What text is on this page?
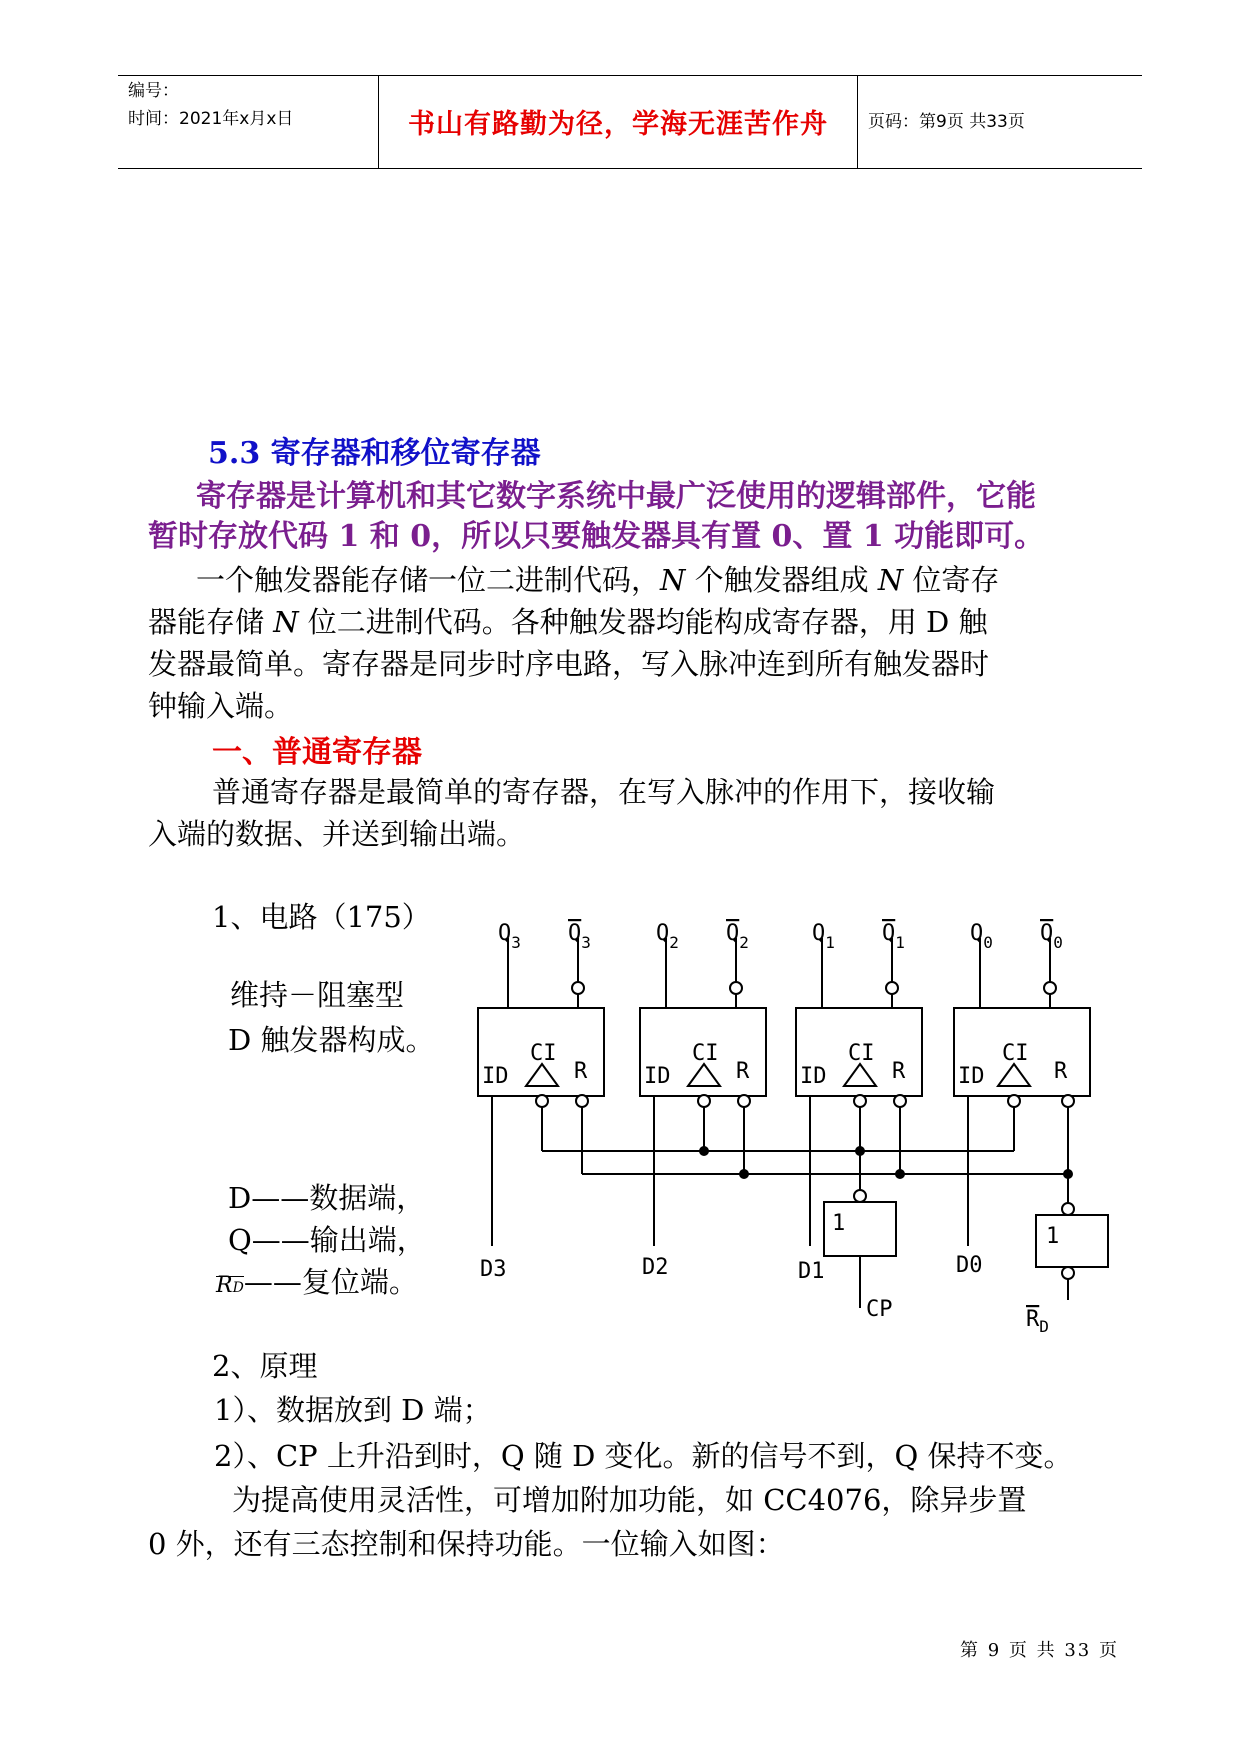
编号：
时间：2021年x月x日	书山有路勤为径，学海无涯苦作舟	页码：第9页 共33页
5.3 寄存器和移位寄存器
寄存器是计算机和其它数字系统中最广泛使用的逻辑部件，它能
暂时存放代码 1 和 0，所以只要触发器具有置 0、置 1 功能即可。
一个触发器能存储一位二进制代码，N 个触发器组成 N 位寄存
器能存储 N 位二进制代码。各种触发器均能构成寄存器，用 D 触
发器最简单。寄存器是同步时序电路，写入脉冲连到所有触发器时
钟输入端。
一、普通寄存器
普通寄存器是最简单的寄存器，在写入脉冲的作用下，接收输
入端的数据、并送到输出端。
1、电路（175）
维持－阻塞型
D 触发器构成。
D——数据端，
Q——输出端，
RD——复位端。
$Q_3$ $Q_3$	$Q_2$ $Q_2$	$Q_1$ $Q_1$	$Q_0$ $Q_0$
ID
CI
R	ID
CI
R ID
CI
R ID
CI
R
D3	D2	D1	D0
1
1
CP	$R_D$
2、原理
1）、数据放到 D 端；
2）、CP 上升沿到时，Q 随 D 变化。新的信号不到，Q 保持不变。
为提高使用灵活性，可增加附加功能，如 CC4076，除异步置
0 外，还有三态控制和保持功能。一位输入如图：
第 9 页 共 33 页
